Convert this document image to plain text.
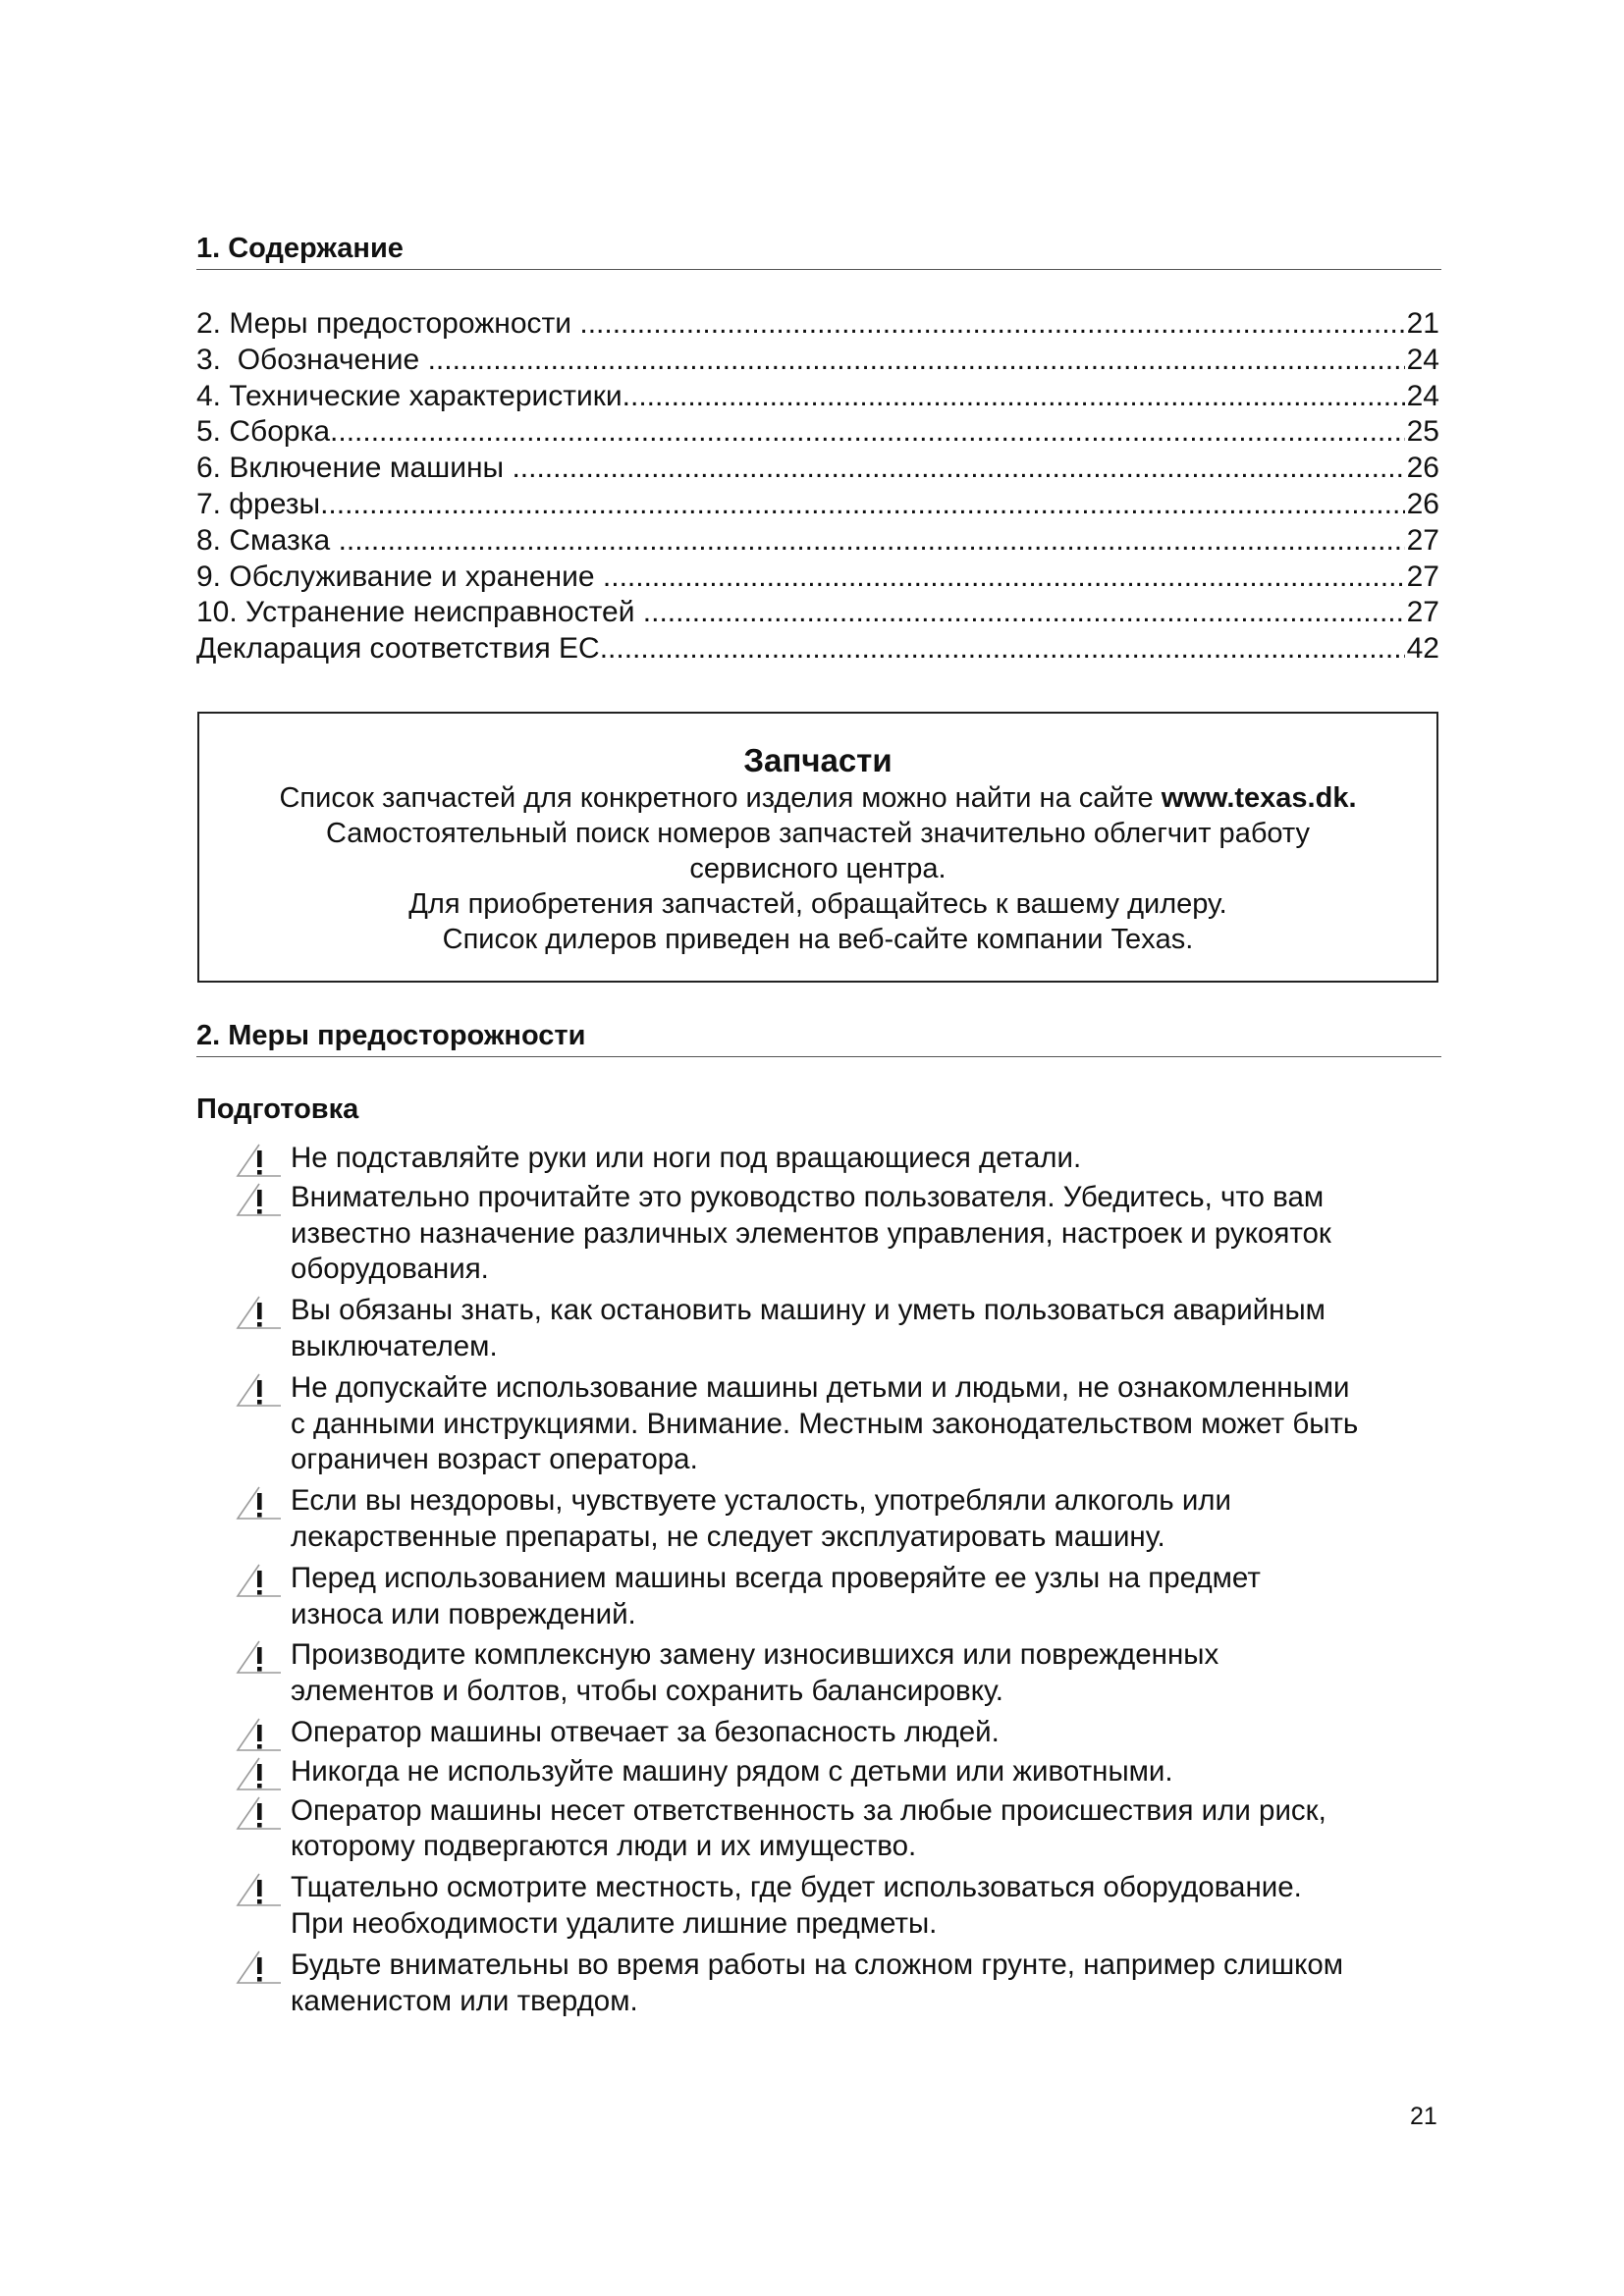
1. Содержание
2. Меры предосторожности .....	21
3.  Обозначение .....	24
4. Технические характеристики .....	24
5. Сборка .....	25
6. Включение машины .....	26
7. фрезы .....	26
8. Смазка .....	27
9. Обслуживание и хранение .....	27
10. Устранение неисправностей .....	27
Декларация соответствия ЕС .....	42
Запчасти
Список запчастей для конкретного изделия можно найти на сайте www.texas.dk.
Самостоятельный поиск номеров запчастей значительно облегчит работу
сервисного центра.
Для приобретения запчастей, обращайтесь к вашему дилеру.
Список дилеров приведен на веб-сайте компании Texas.
2. Меры предосторожности
Подготовка
Не подставляйте руки или ноги под вращающиеся детали.
Внимательно прочитайте это руководство пользователя. Убедитесь, что вам
известно назначение различных элементов управления, настроек и рукояток
оборудования.
Вы обязаны знать, как остановить машину и уметь пользоваться аварийным
выключателем.
Не допускайте использование машины детьми и людьми, не ознакомленными
с данными инструкциями. Внимание. Местным законодательством может быть
ограничен возраст оператора.
Если вы нездоровы, чувствуете усталость, употребляли алкоголь или
лекарственные препараты, не следует эксплуатировать машину.
Перед использованием машины всегда проверяйте ее узлы на предмет
износа или повреждений.
Производите комплексную замену износившихся или поврежденных
элементов и болтов, чтобы сохранить балансировку.
Оператор машины отвечает за безопасность людей.
Никогда не используйте машину рядом с детьми или животными.
Оператор машины несет ответственность за любые происшествия или риск,
которому подвергаются люди и их имущество.
Тщательно осмотрите местность, где будет использоваться оборудование.
При необходимости удалите лишние предметы.
Будьте внимательны во время работы на сложном грунте, например слишком
каменистом или твердом.
21
